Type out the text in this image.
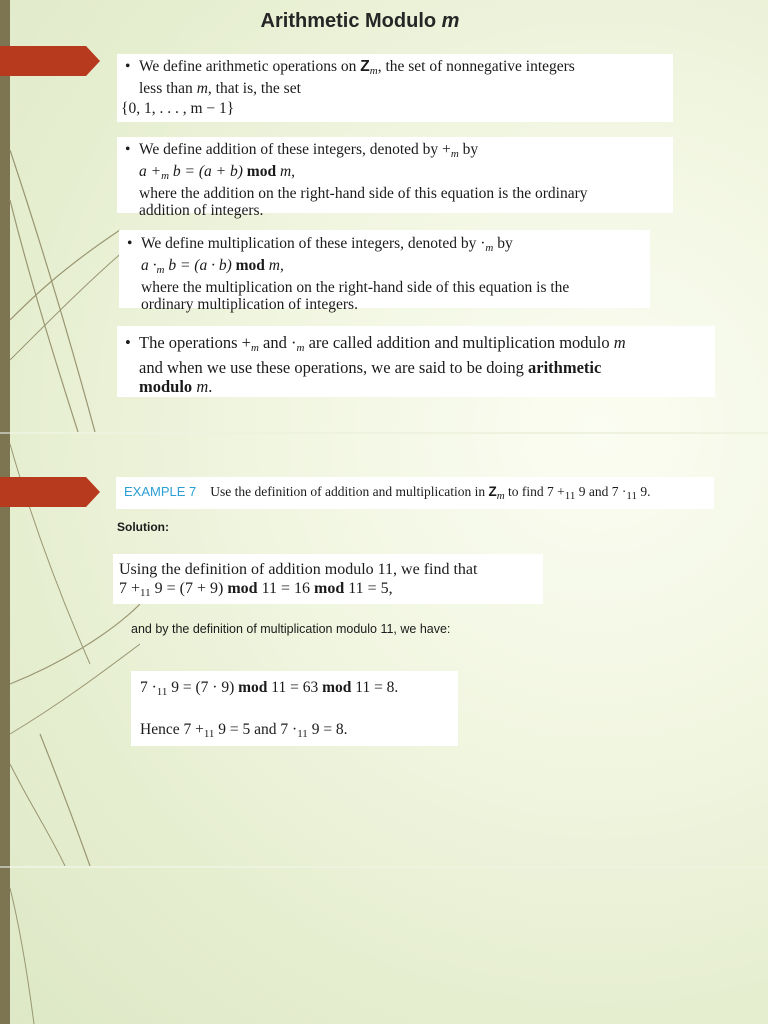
Arithmetic Modulo m
• We define arithmetic operations on $Z_m$, the set of nonnegative integers
less than m, that is, the set
{0, 1, . . . , m − 1}
• We define addition of these integers, denoted by $+_m$ by
$a +_m$ b = (a + b) mod m,
where the addition on the right-hand side of this equation is the ordinary
addition of integers.
• We define multiplication of these integers, denoted by $\cdot_m$ by
$a \cdot_m$ b = (a · b) mod m,
where the multiplication on the right-hand side of this equation is the
ordinary multiplication of integers.
• The operations $+_m$ and $\cdot_m$ are called addition and multiplication modulo m
and when we use these operations, we are said to be doing arithmetic
modulo m.
EXAMPLE 7 Use the definition of addition and multiplication in $Z_m$ to find $7 +_{11}$ 9 and $7 \cdot_{11}$ 9.
Solution:
Using the definition of addition modulo 11, we find that
$7 +_{11}$ 9 = (7 + 9) mod 11 = 16 mod 11 = 5,
and by the definition of multiplication modulo 11, we have:
$7 \cdot_{11}$ 9 = (7 · 9) mod 11 = 63 mod 11 = 8.
Hence $7 +_{11}$ 9 = 5 and $7 \cdot_{11}$ 9 = 8.
